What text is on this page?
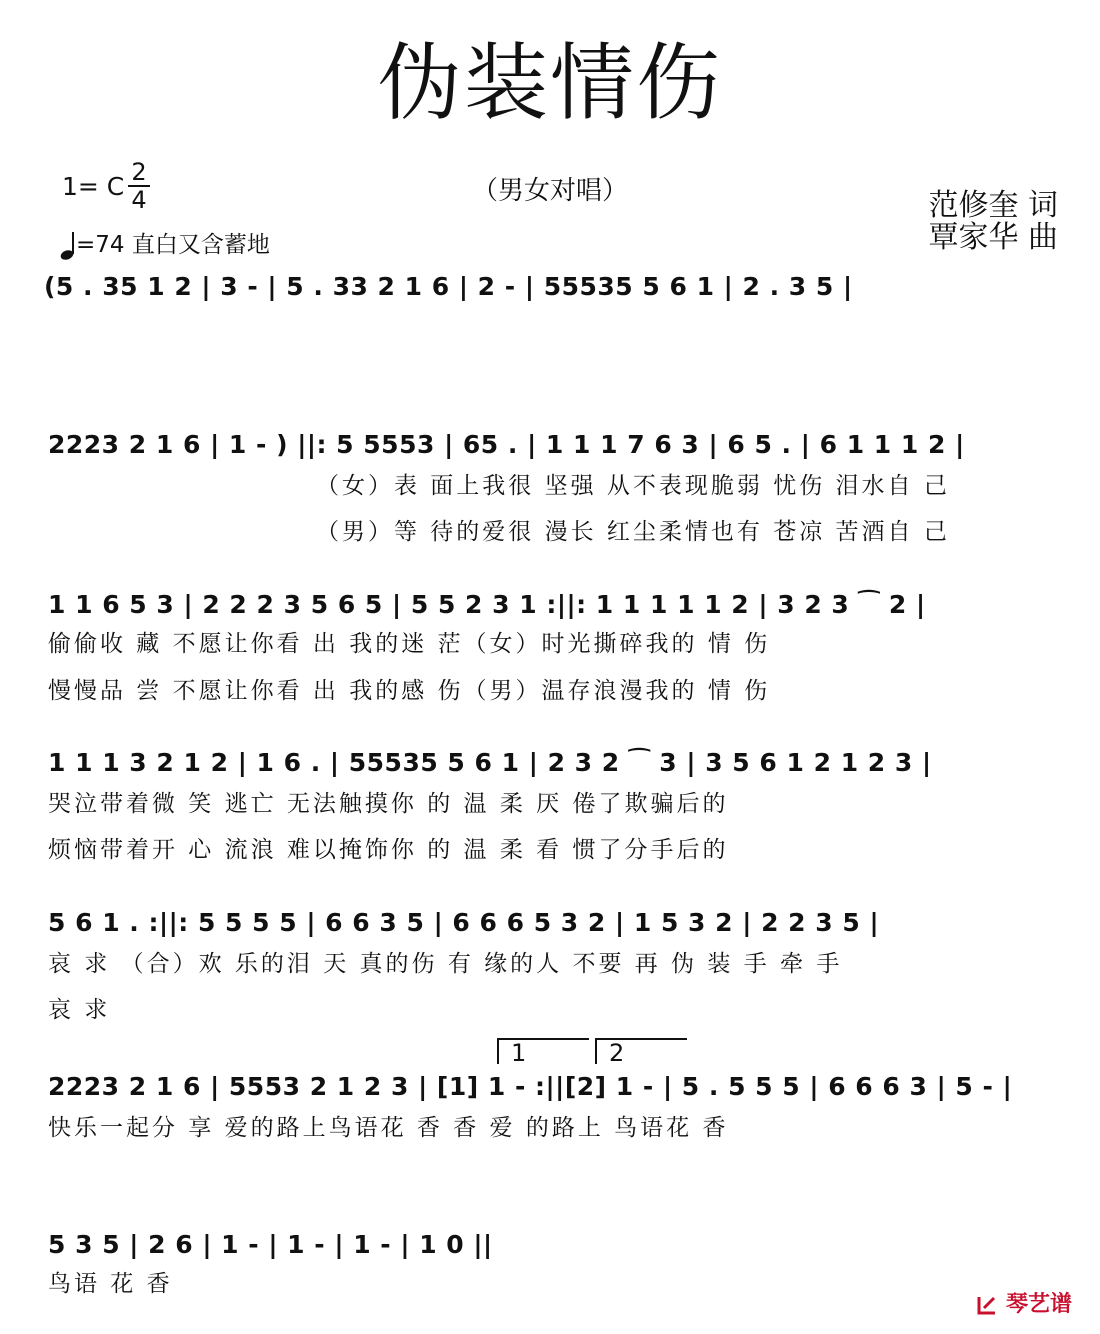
伪装情伤
（男女对唱）
1= C 2
4
=74 直白又含蓄地
范修奎 词
覃家华 曲
(5 . 35 1 2 | 3 - | 5 . 33 2 1 6 | 2 - | 55535 5 6 1 | 2 . 3 5 |
2223 2 1 6 | 1 - ) ||: 5 5553 | 65 . | 1 1 1 7 6 3 | 6 5 . | 6 1 1 1 2 |
（女）表 面上我很 坚强 从不表现脆弱 忧伤 泪水自 己
（男）等 待的爱很 漫长 红尘柔情也有 苍凉 苦酒自 己
1 1 6 5 3 | 2 2 2 3 5 6 5 | 5 5 2 3 1 :||: 1 1 1 1 1 2 | 3 2 3 ⁀ 2 |
偷偷收 藏 不愿让你看 出 我的迷 茫（女）时光撕碎我的 情 伤
慢慢品 尝 不愿让你看 出 我的感 伤（男）温存浪漫我的 情 伤
1 1 1 3 2 1 2 | 1 6 . | 55535 5 6 1 | 2 3 2 ⁀ 3 | 3 5 6 1 2 1 2 3 |
哭泣带着微 笑 逃亡 无法触摸你 的 温 柔 厌 倦了欺骗后的
烦恼带着开 心 流浪 难以掩饰你 的 温 柔 看 惯了分手后的
5 6 1 . :||: 5 5 5 5 | 6 6 3 5 | 6 6 6 5 3 2 | 1 5 3 2 | 2 2 3 5 |
哀 求 （合）欢 乐的泪 天 真的伤 有 缘的人 不要 再 伪 装 手 牵 手
哀 求
1	2
2223 2 1 6 | 5553 2 1 2 3 | [1] 1 - :||[2] 1 - | 5 . 5 5 5 | 6 6 6 3 | 5 - |
快乐一起分 享 爱的路上鸟语花 香 香 爱 的路上 鸟语花 香
5 3 5 | 2 6 | 1 - | 1 - | 1 - | 1 0 ||
鸟语 花 香
琴艺谱
